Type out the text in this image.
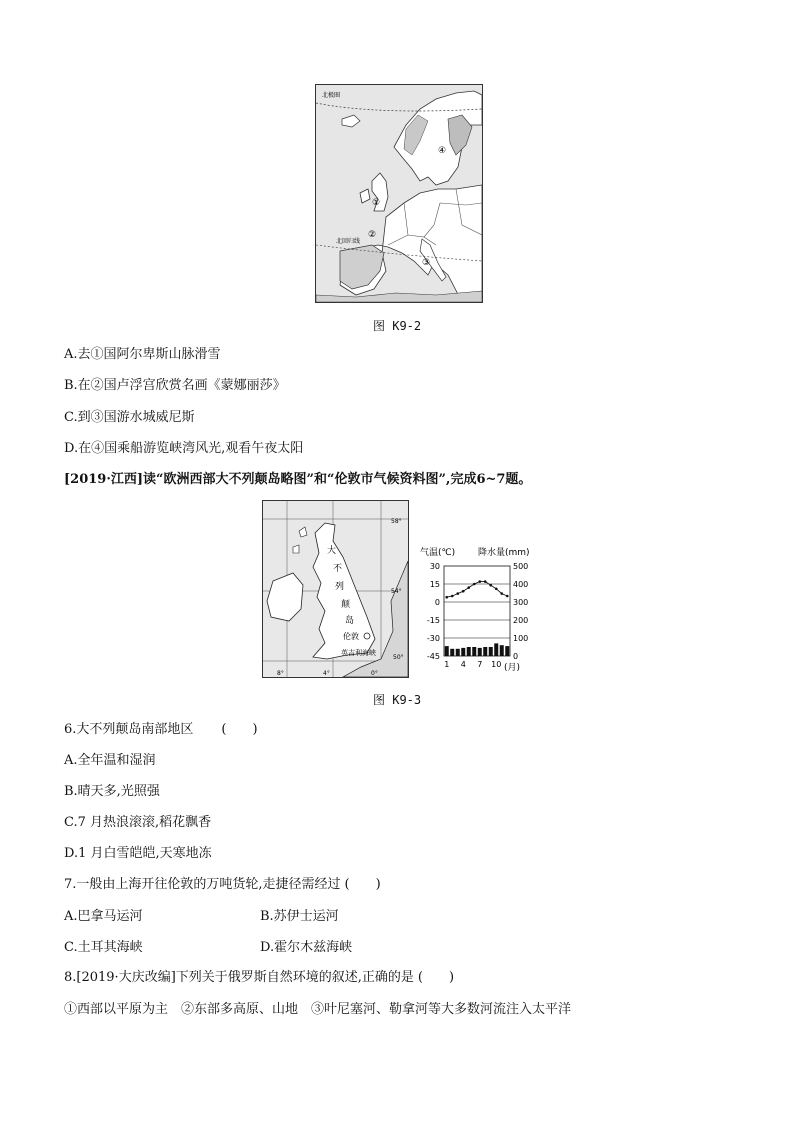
北极圈
北回归线
①
②
③
④
图 K9-2
A.去①国阿尔卑斯山脉滑雪
B.在②国卢浮宫欣赏名画《蒙娜丽莎》
C.到③国游水城威尼斯
D.在④国乘船游览峡湾风光,观看午夜太阳
[2019·江西]读“欧洲西部大不列颠岛略图”和“伦敦市气候资料图”,完成6~7题。
大
不
列
颠
岛
伦敦
英吉利海峡
58°
54°
50°
8°	4°	0°
气温(℃)	降水量(mm)
30
15
0
-15
-30
-45
500
400
300
200
100
0
1 4 7 10 (月)
图 K9-3
6.大不列颠岛南部地区 (　　)
A.全年温和湿润
B.晴天多,光照强
C.7 月热浪滚滚,稻花飘香
D.1 月白雪皑皑,天寒地冻
7.一般由上海开往伦敦的万吨货轮,走捷径需经过 (　　)
A.巴拿马运河	B.苏伊士运河
C.土耳其海峡	D.霍尔木兹海峡
8.[2019·大庆改编]下列关于俄罗斯自然环境的叙述,正确的是 (　　)
①西部以平原为主　②东部多高原、山地　③叶尼塞河、勒拿河等大多数河流注入太平洋
